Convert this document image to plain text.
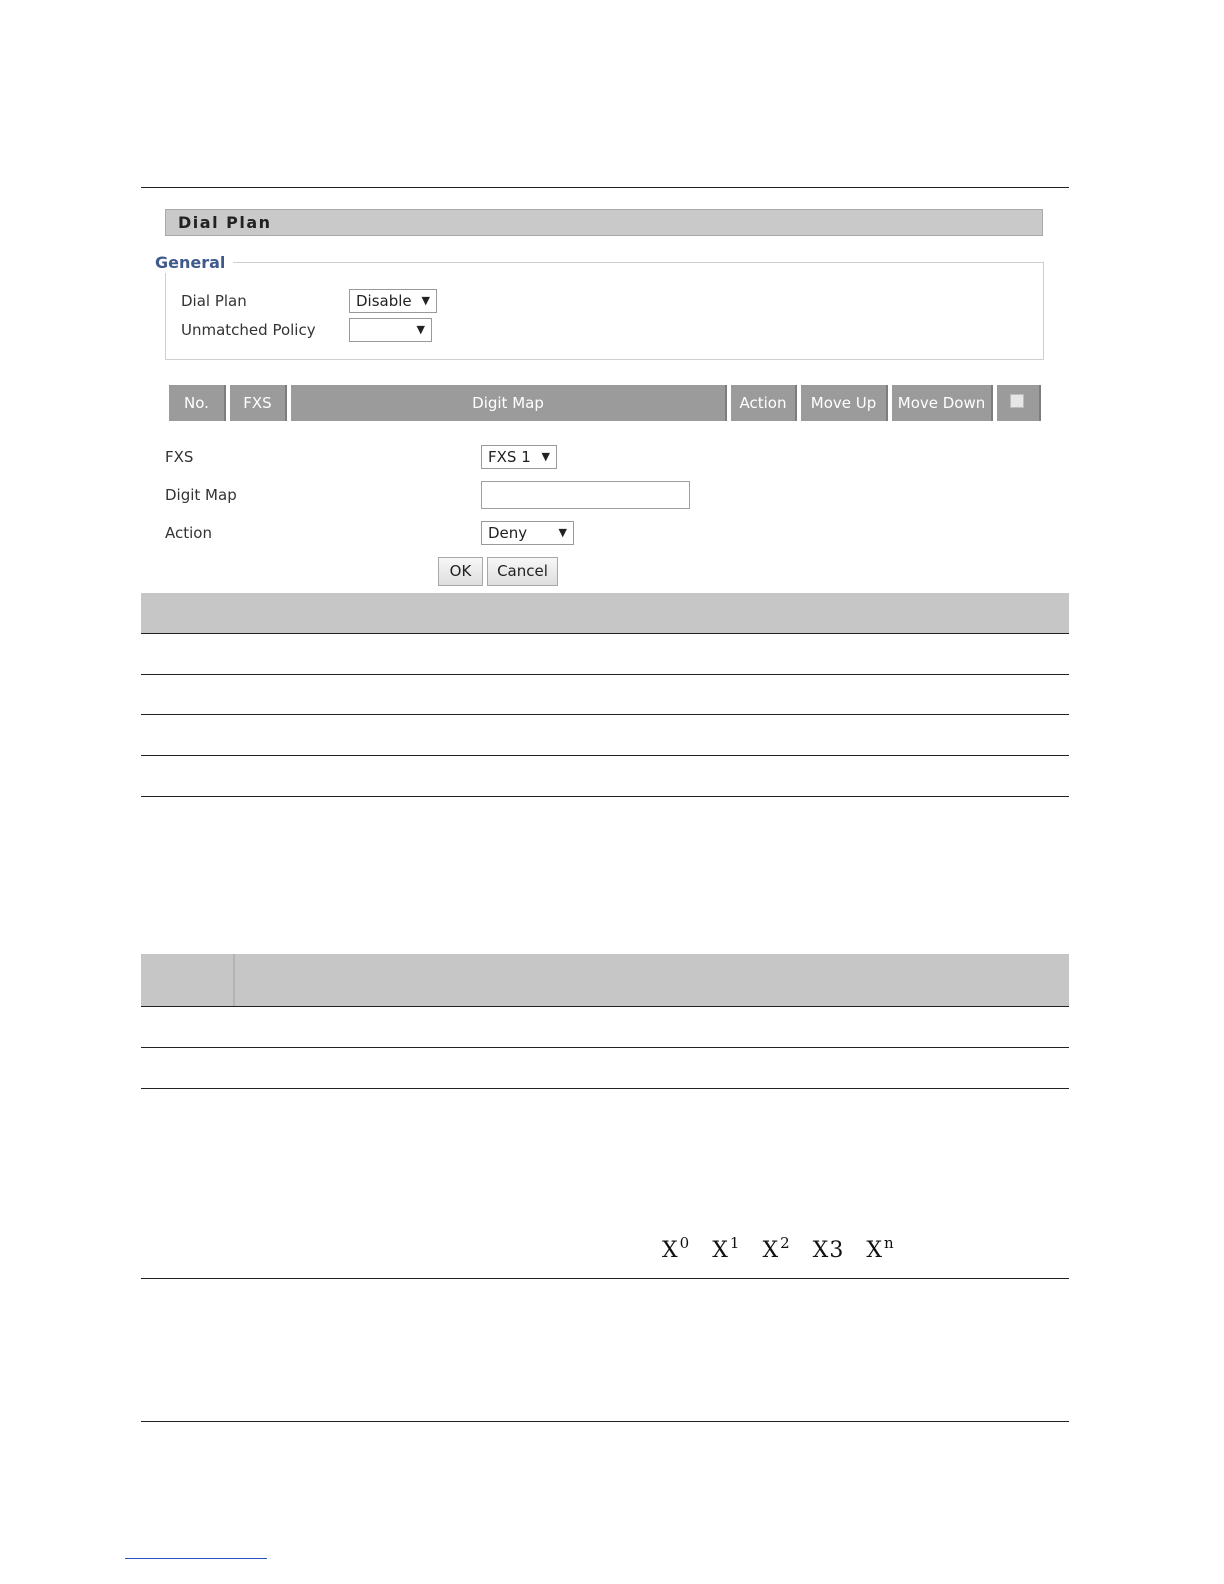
Dial Plan
General
Dial Plan	Disable ▼
Unmatched Policy	▼
No.	FXS	Digit Map	Action	Move Up	Move Down
FXS	FXS 1 ▼
Digit Map
Action	Deny	▼
OK	Cancel
$X^0$ $X^1$ $X^2$ X3 $X^n$
